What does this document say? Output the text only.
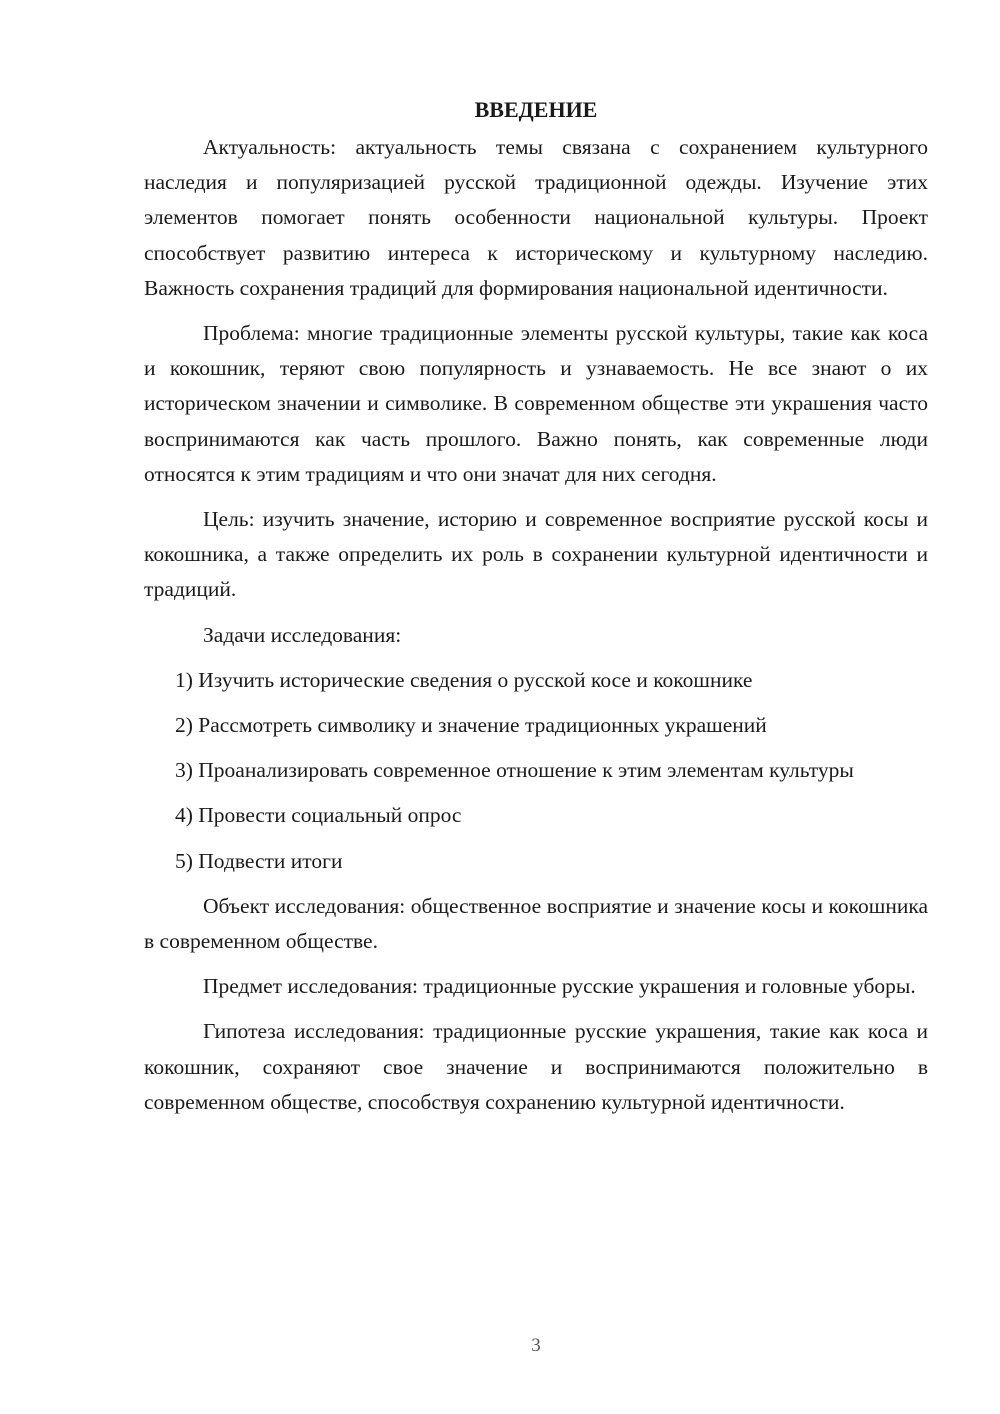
ВВЕДЕНИЕ

Актуальность: актуальность темы связана с сохранением культурного наследия и популяризацией русской традиционной одежды. Изучение этих элементов помогает понять особенности национальной культуры. Проект способствует развитию интереса к историческому и культурному наследию. Важность сохранения традиций для формирования национальной идентичности.

Проблема: многие традиционные элементы русской культуры, такие как коса и кокошник, теряют свою популярность и узнаваемость. Не все знают о их историческом значении и символике. В современном обществе эти украшения часто воспринимаются как часть прошлого. Важно понять, как современные люди относятся к этим традициям и что они значат для них сегодня.

Цель: изучить значение, историю и современное восприятие русской косы и кокошника, а также определить их роль в сохранении культурной идентичности и традиций.

Задачи исследования:

1) Изучить исторические сведения о русской косе и кокошнике

2) Рассмотреть символику и значение традиционных украшений

3) Проанализировать современное отношение к этим элементам культуры

4) Провести социальный опрос

5) Подвести итоги

Объект исследования: общественное восприятие и значение косы и кокошника в современном обществе.

Предмет исследования: традиционные русские украшения и головные уборы.

Гипотеза исследования: традиционные русские украшения, такие как коса и кокошник, сохраняют свое значение и воспринимаются положительно в современном обществе, способствуя сохранению культурной идентичности.

3
